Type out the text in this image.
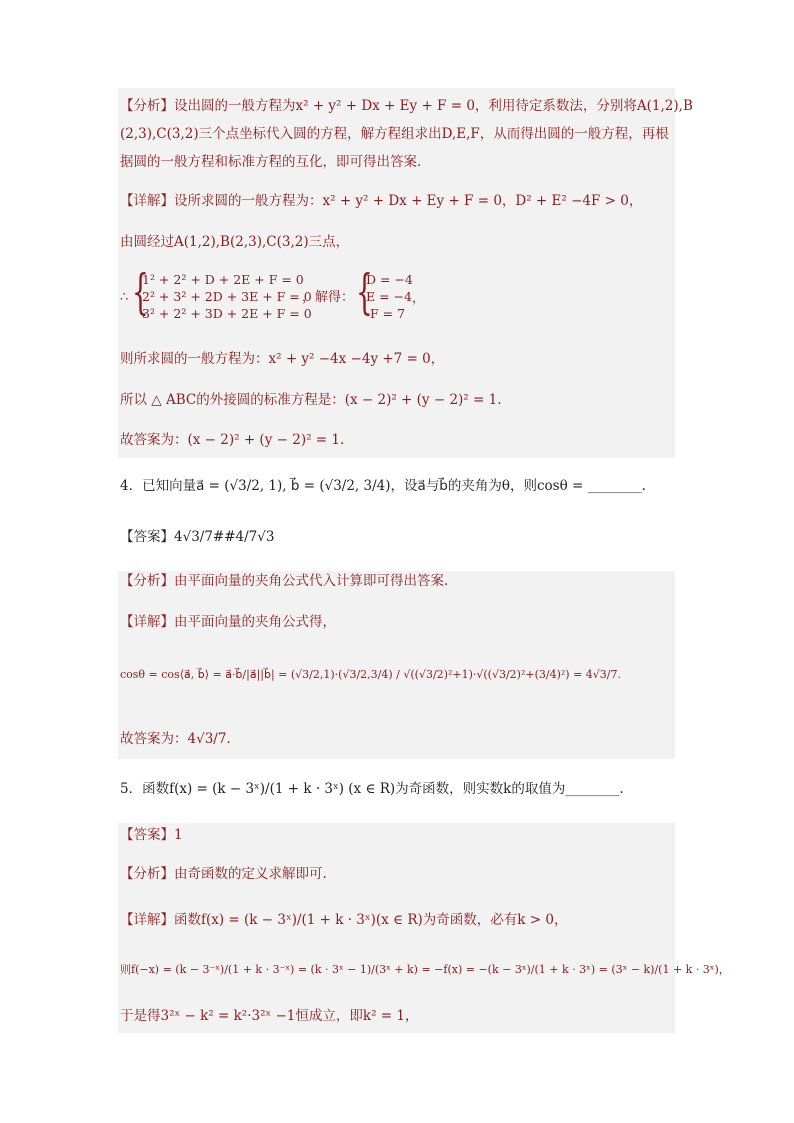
【分析】设出圆的一般方程为x² + y² + Dx + Ey + F = 0，利用待定系数法，分别将A(1,2),B
(2,3),C(3,2)三个点坐标代入圆的方程，解方程组求出D,E,F，从而得出圆的一般方程，再根
据圆的一般方程和标准方程的互化，即可得出答案.
【详解】设所求圆的一般方程为：x² + y² + Dx + Ey + F = 0，D² + E² −4F > 0，
由圆经过A(1,2),B(2,3),C(3,2)三点，
∴ {
1² + 2² + D + 2E + F = 0
2² + 3² + 2D + 3E + F = 0
3² + 2² + 3D + 2E + F = 0
，解得： {
D = −4
E = −4
F = 7
，
则所求圆的一般方程为：x² + y² −4x −4y +7 = 0，
所以 △ ABC的外接圆的标准方程是：(x − 2)² + (y − 2)² = 1.
故答案为：(x − 2)² + (y − 2)² = 1.
4．已知向量a⃗ = (√3/2, 1), b⃗ = (√3/2, 3/4)，设a⃗与b⃗的夹角为θ，则cosθ = ________.
【答案】4√3/7##4/7√3
【分析】由平面向量的夹角公式代入计算即可得出答案.
【详解】由平面向量的夹角公式得，
cosθ = cos⟨a⃗, b⃗⟩ = a⃗·b⃗/|a⃗||b⃗| = (√3/2,1)·(√3/2,3/4) / √((√3/2)²+1)·√((√3/2)²+(3/4)²) = 4√3/7.
故答案为：4√3/7.
5．函数f(x) = (k − 3ˣ)/(1 + k · 3ˣ) (x ∈ R)为奇函数，则实数k的取值为________.
【答案】1
【分析】由奇函数的定义求解即可.
【详解】函数f(x) = (k − 3ˣ)/(1 + k · 3ˣ)(x ∈ R)为奇函数，必有k > 0，
则f(−x) = (k − 3⁻ˣ)/(1 + k · 3⁻ˣ) = (k · 3ˣ − 1)/(3ˣ + k) = −f(x) = −(k − 3ˣ)/(1 + k · 3ˣ) = (3ˣ − k)/(1 + k · 3ˣ)，
于是得3²ˣ − k² = k²·3²ˣ −1恒成立，即k² = 1，
